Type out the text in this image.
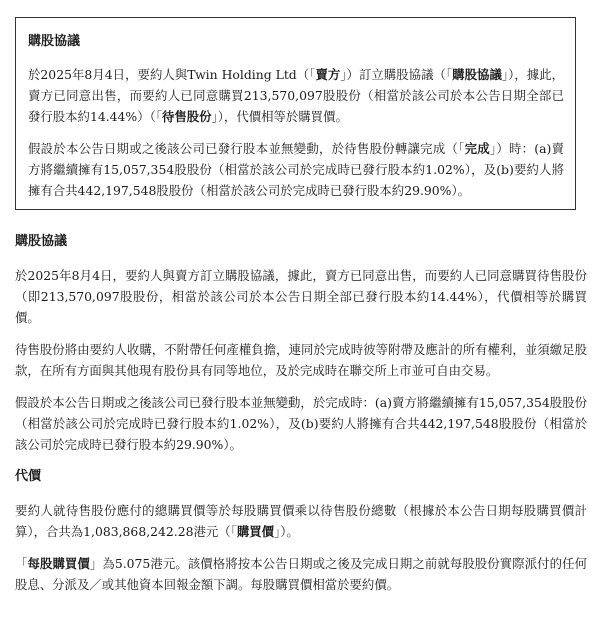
購股協議

於2025年8月4日，要約人與Twin Holding Ltd（「賣方」）訂立購股協議（「購股協議」），據此，賣方已同意出售，而要約人已同意購買213,570,097股股份（相當於該公司於本公告日期全部已發行股本約14.44%）（「待售股份」），代價相等於購買價。

假設於本公告日期或之後該公司已發行股本並無變動，於待售股份轉讓完成（「完成」）時：(a)賣方將繼續擁有15,057,354股股份（相當於該公司於完成時已發行股本約1.02%），及(b)要約人將擁有合共442,197,548股股份（相當於該公司於完成時已發行股本約29.90%）。

購股協議

於2025年8月4日，要約人與賣方訂立購股協議，據此，賣方已同意出售，而要約人已同意購買待售股份（即213,570,097股股份，相當於該公司於本公告日期全部已發行股本約14.44%），代價相等於購買價。

待售股份將由要約人收購，不附帶任何產權負擔，連同於完成時彼等附帶及應計的所有權利，並須繳足股款，在所有方面與其他現有股份具有同等地位，及於完成時在聯交所上市並可自由交易。

假設於本公告日期或之後該公司已發行股本並無變動，於完成時：(a)賣方將繼續擁有15,057,354股股份（相當於該公司於完成時已發行股本約1.02%），及(b)要約人將擁有合共442,197,548股股份（相當於該公司於完成時已發行股本約29.90%）。

代價

要約人就待售股份應付的總購買價等於每股購買價乘以待售股份總數（根據於本公告日期每股購買價計算），合共為1,083,868,242.28港元（「購買價」）。

「每股購買價」為5.075港元。該價格將按本公告日期或之後及完成日期之前就每股股份實際派付的任何股息、分派及／或其他資本回報金額下調。每股購買價相當於要約價。
